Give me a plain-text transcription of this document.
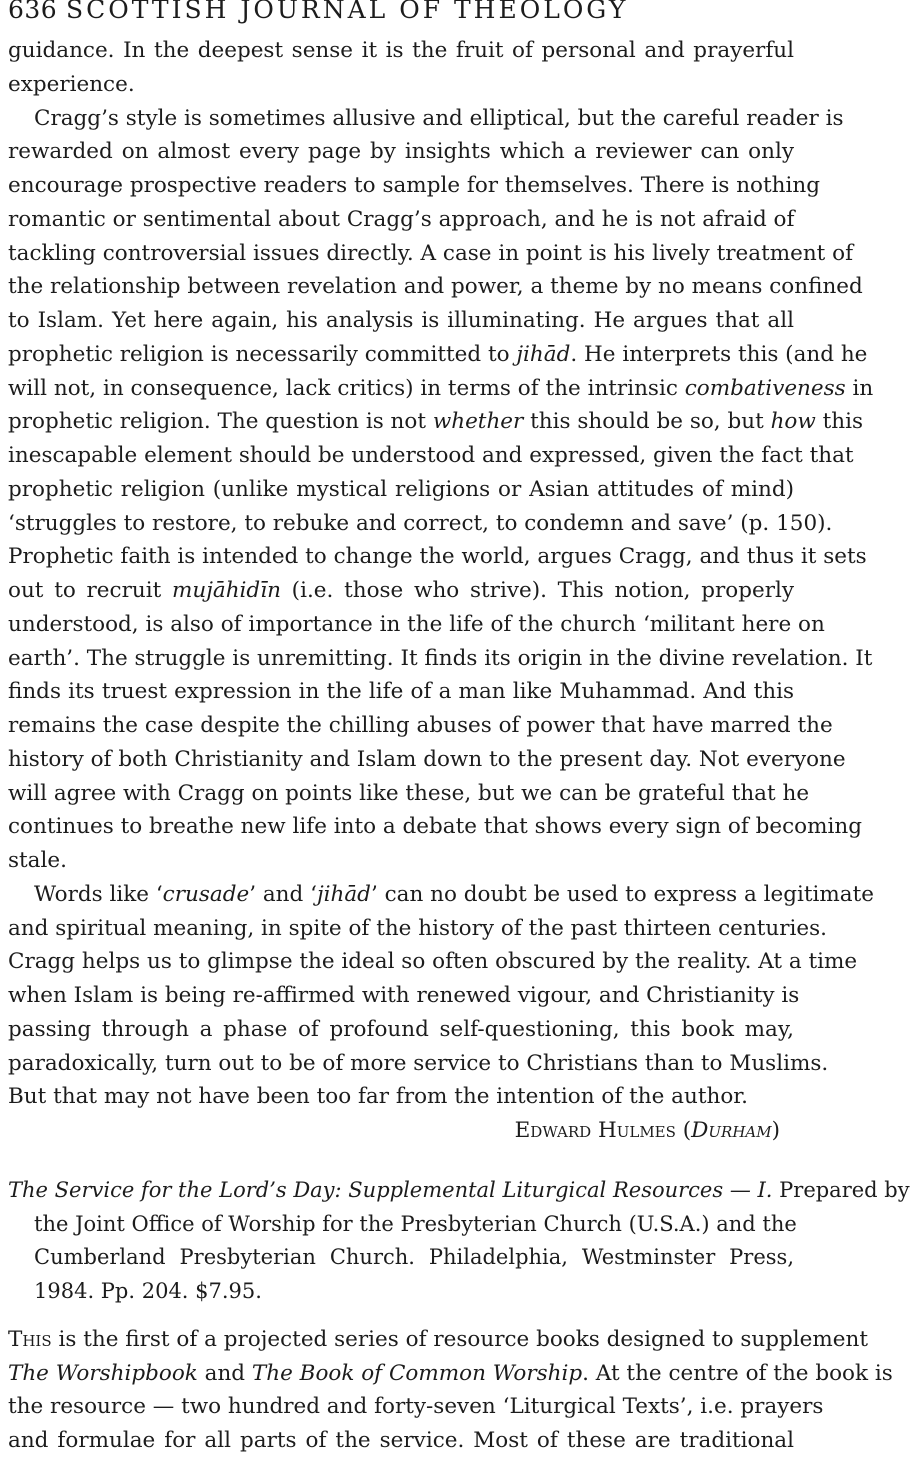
636 SCOTTISH JOURNAL OF THEOLOGY
guidance. In the deepest sense it is the fruit of personal and prayerful
experience.
Cragg’s style is sometimes allusive and elliptical, but the careful reader is
rewarded on almost every page by insights which a reviewer can only
encourage prospective readers to sample for themselves. There is nothing
romantic or sentimental about Cragg’s approach, and he is not afraid of
tackling controversial issues directly. A case in point is his lively treatment of
the relationship between revelation and power, a theme by no means confined
to Islam. Yet here again, his analysis is illuminating. He argues that all
prophetic religion is necessarily committed to jihād. He interprets this (and he
will not, in consequence, lack critics) in terms of the intrinsic combativeness in
prophetic religion. The question is not whether this should be so, but how this
inescapable element should be understood and expressed, given the fact that
prophetic religion (unlike mystical religions or Asian attitudes of mind)
‘struggles to restore, to rebuke and correct, to condemn and save’ (p. 150).
Prophetic faith is intended to change the world, argues Cragg, and thus it sets
out to recruit mujāhidīn (i.e. those who strive). This notion, properly
understood, is also of importance in the life of the church ‘militant here on
earth’. The struggle is unremitting. It finds its origin in the divine revelation. It
finds its truest expression in the life of a man like Muhammad. And this
remains the case despite the chilling abuses of power that have marred the
history of both Christianity and Islam down to the present day. Not everyone
will agree with Cragg on points like these, but we can be grateful that he
continues to breathe new life into a debate that shows every sign of becoming
stale.
Words like ‘crusade’ and ‘jihād’ can no doubt be used to express a legitimate
and spiritual meaning, in spite of the history of the past thirteen centuries.
Cragg helps us to glimpse the ideal so often obscured by the reality. At a time
when Islam is being re-affirmed with renewed vigour, and Christianity is
passing through a phase of profound self-questioning, this book may,
paradoxically, turn out to be of more service to Christians than to Muslims.
But that may not have been too far from the intention of the author.
Edward Hulmes (Durham)
The Service for the Lord’s Day: Supplemental Liturgical Resources — I. Prepared by
the Joint Office of Worship for the Presbyterian Church (U.S.A.) and the
Cumberland Presbyterian Church. Philadelphia, Westminster Press,
1984. Pp. 204. $7.95.
This is the first of a projected series of resource books designed to supplement
The Worshipbook and The Book of Common Worship. At the centre of the book is
the resource — two hundred and forty-seven ‘Liturgical Texts’, i.e. prayers
and formulae for all parts of the service. Most of these are traditional
